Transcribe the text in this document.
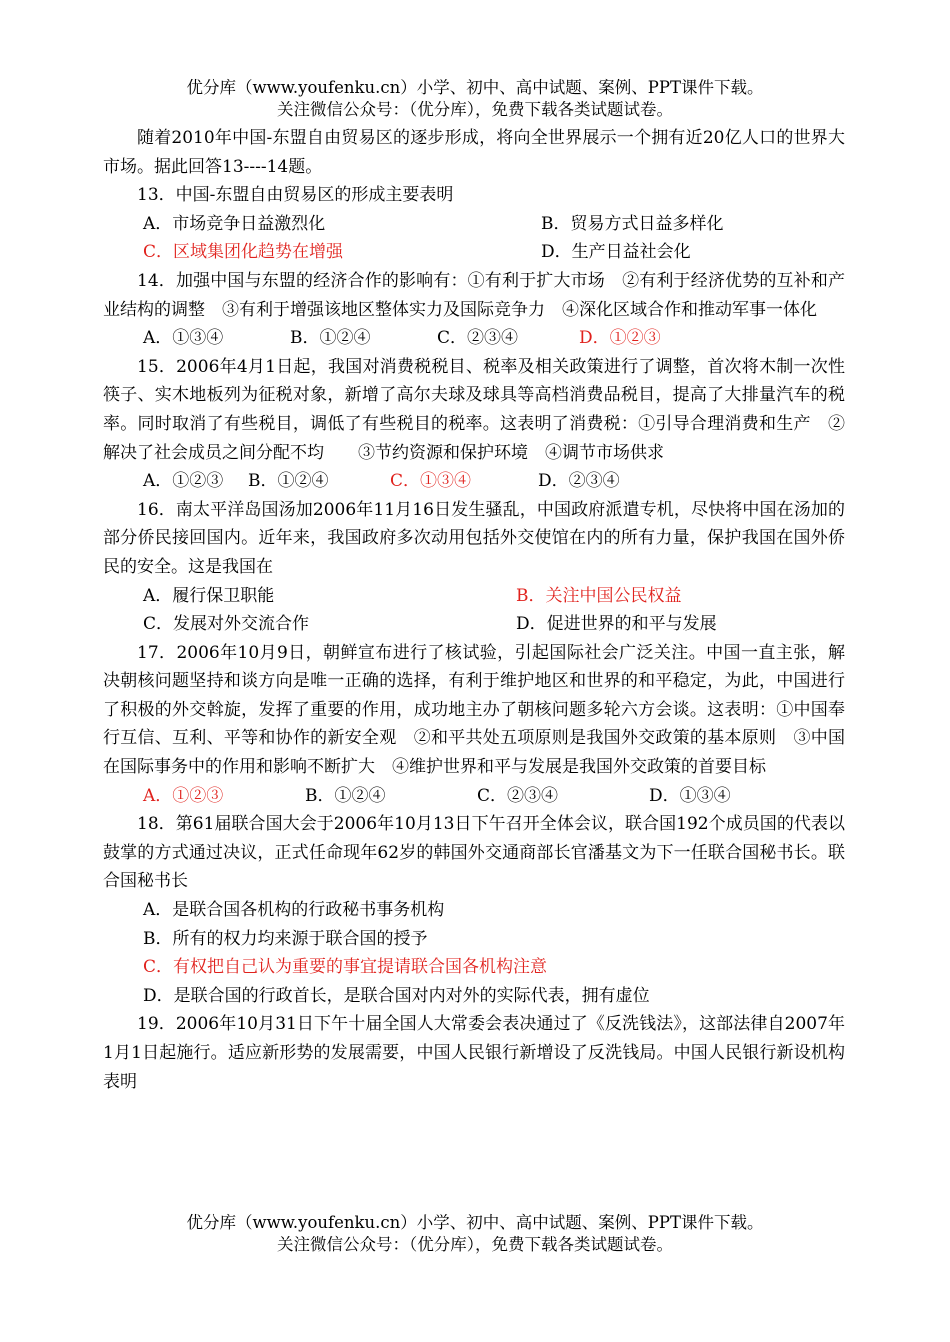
优分库（www.youfenku.cn）小学、初中、高中试题、案例、PPT课件下载。
关注微信公众号：（优分库），免费下载各类试题试卷。

随着2010年中国-东盟自由贸易区的逐步形成，将向全世界展示一个拥有近20亿人口的世界大市场。据此回答13----14题。

13．中国-东盟自由贸易区的形成主要表明

A．市场竞争日益激烈化	B．贸易方式日益多样化
C．区域集团化趋势在增强	D．生产日益社会化

14．加强中国与东盟的经济合作的影响有：①有利于扩大市场　②有利于经济优势的互补和产业结构的调整　③有利于增强该地区整体实力及国际竞争力　④深化区域合作和推动军事一体化

A．①③④	B．①②④	C．②③④	D．①②③

15．2006年4月1日起，我国对消费税税目、税率及相关政策进行了调整，首次将木制一次性筷子、实木地板列为征税对象，新增了高尔夫球及球具等高档消费品税目，提高了大排量汽车的税率。同时取消了有些税目，调低了有些税目的税率。这表明了消费税：①引导合理消费和生产　②解决了社会成员之间分配不均　　③节约资源和保护环境　④调节市场供求

A．①②③ B．①②④	C．①③④	D．②③④

16．南太平洋岛国汤加2006年11月16日发生骚乱，中国政府派遣专机，尽快将中国在汤加的部分侨民接回国内。近年来，我国政府多次动用包括外交使馆在内的所有力量，保护我国在国外侨民的安全。这是我国在

A．履行保卫职能	B．关注中国公民权益
C．发展对外交流合作	D．促进世界的和平与发展

17．2006年10月9日，朝鲜宣布进行了核试验，引起国际社会广泛关注。中国一直主张，解决朝核问题坚持和谈方向是唯一正确的选择，有利于维护地区和世界的和平稳定，为此，中国进行了积极的外交斡旋，发挥了重要的作用，成功地主办了朝核问题多轮六方会谈。这表明：①中国奉行互信、互利、平等和协作的新安全观　②和平共处五项原则是我国外交政策的基本原则　③中国在国际事务中的作用和影响不断扩大　④维护世界和平与发展是我国外交政策的首要目标

A．①②③	B．①②④	C．②③④	D．①③④

18．第61届联合国大会于2006年10月13日下午召开全体会议，联合国192个成员国的代表以鼓掌的方式通过决议，正式任命现年62岁的韩国外交通商部长官潘基文为下一任联合国秘书长。联合国秘书长

A．是联合国各机构的行政秘书事务机构

B．所有的权力均来源于联合国的授予

C．有权把自己认为重要的事宜提请联合国各机构注意

D．是联合国的行政首长，是联合国对内对外的实际代表，拥有虚位

19．2006年10月31日下午十届全国人大常委会表决通过了《反洗钱法》，这部法律自2007年1月1日起施行。适应新形势的发展需要，中国人民银行新增设了反洗钱局。中国人民银行新设机构表明

优分库（www.youfenku.cn）小学、初中、高中试题、案例、PPT课件下载。
关注微信公众号：（优分库），免费下载各类试题试卷。
